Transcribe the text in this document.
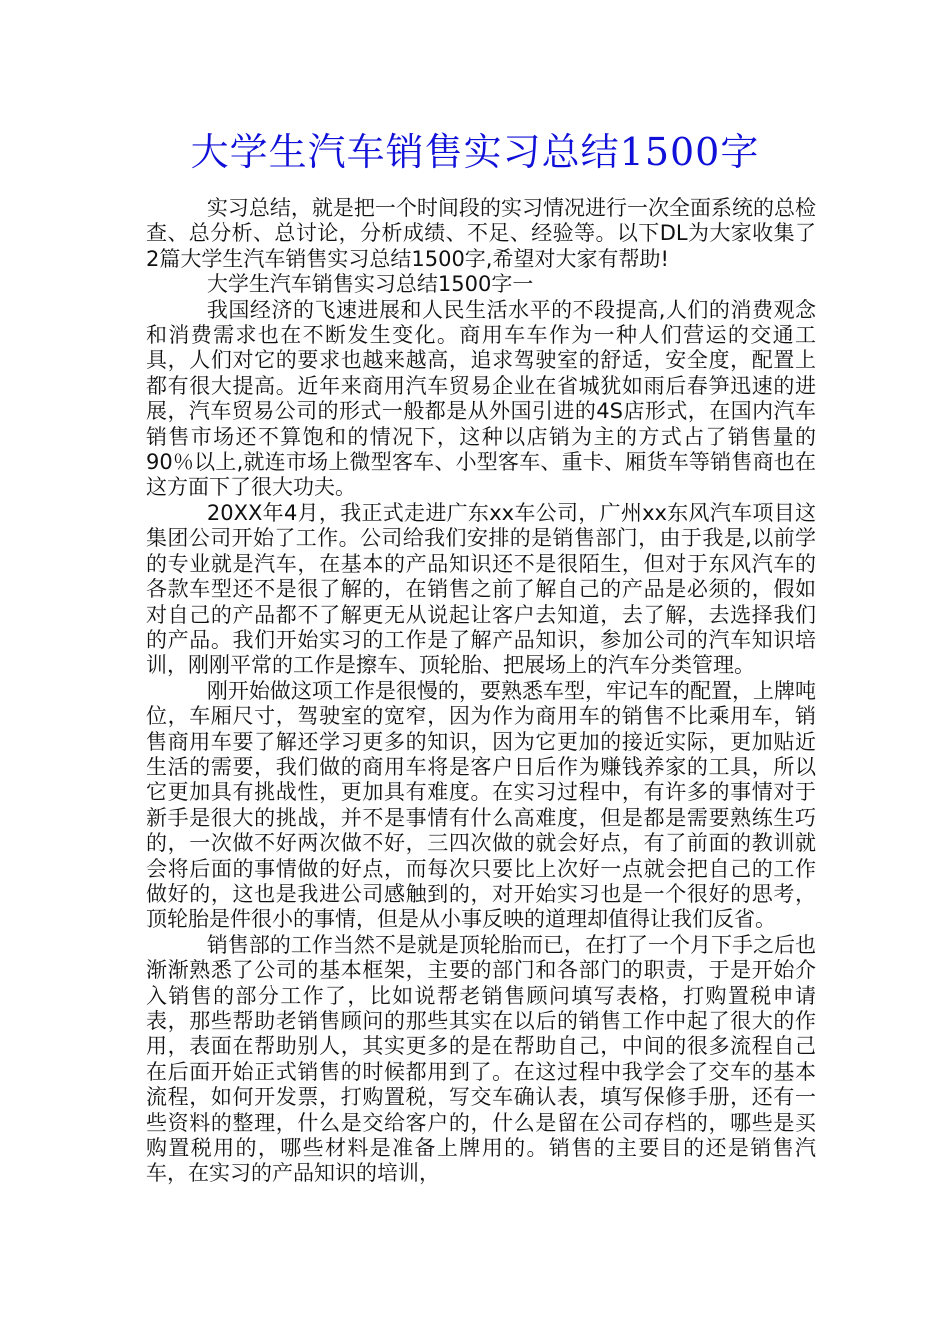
大学生汽车销售实习总结1500字

实习总结，就是把一个时间段的实习情况进行一次全面系统的总检查、总分析、总讨论，分析成绩、不足、经验等。以下DL为大家收集了2篇大学生汽车销售实习总结1500字,希望对大家有帮助!

大学生汽车销售实习总结1500字一

我国经济的飞速进展和人民生活水平的不段提高,人们的消费观念和消费需求也在不断发生变化。商用车车作为一种人们营运的交通工具，人们对它的要求也越来越高，追求驾驶室的舒适，安全度，配置上都有很大提高。近年来商用汽车贸易企业在省城犹如雨后春笋迅速的进展，汽车贸易公司的形式一般都是从外国引进的4S店形式，在国内汽车销售市场还不算饱和的情况下，这种以店销为主的方式占了销售量的90％以上,就连市场上微型客车、小型客车、重卡、厢货车等销售商也在这方面下了很大功夫。

20XX年4月，我正式走进广东xx车公司，广州xx东风汽车项目这集团公司开始了工作。公司给我们安排的是销售部门，由于我是,以前学的专业就是汽车，在基本的产品知识还不是很陌生，但对于东风汽车的各款车型还不是很了解的，在销售之前了解自己的产品是必须的，假如对自己的产品都不了解更无从说起让客户去知道，去了解，去选择我们的产品。我们开始实习的工作是了解产品知识，参加公司的汽车知识培训，刚刚平常的工作是擦车、顶轮胎、把展场上的汽车分类管理。

刚开始做这项工作是很慢的，要熟悉车型，牢记车的配置，上牌吨位，车厢尺寸，驾驶室的宽窄，因为作为商用车的销售不比乘用车，销售商用车要了解还学习更多的知识，因为它更加的接近实际，更加贴近生活的需要，我们做的商用车将是客户日后作为赚钱养家的工具，所以它更加具有挑战性，更加具有难度。在实习过程中，有许多的事情对于新手是很大的挑战，并不是事情有什么高难度，但是都是需要熟练生巧的，一次做不好两次做不好，三四次做的就会好点，有了前面的教训就会将后面的事情做的好点，而每次只要比上次好一点就会把自己的工作做好的，这也是我进公司感触到的，对开始实习也是一个很好的思考，顶轮胎是件很小的事情，但是从小事反映的道理却值得让我们反省。

销售部的工作当然不是就是顶轮胎而已，在打了一个月下手之后也渐渐熟悉了公司的基本框架，主要的部门和各部门的职责，于是开始介入销售的部分工作了，比如说帮老销售顾问填写表格，打购置税申请表，那些帮助老销售顾问的那些其实在以后的销售工作中起了很大的作用，表面在帮助别人，其实更多的是在帮助自己，中间的很多流程自己在后面开始正式销售的时候都用到了。在这过程中我学会了交车的基本流程，如何开发票，打购置税，写交车确认表，填写保修手册，还有一些资料的整理，什么是交给客户的，什么是留在公司存档的，哪些是买购置税用的，哪些材料是准备上牌用的。销售的主要目的还是销售汽车，在实习的产品知识的培训，
